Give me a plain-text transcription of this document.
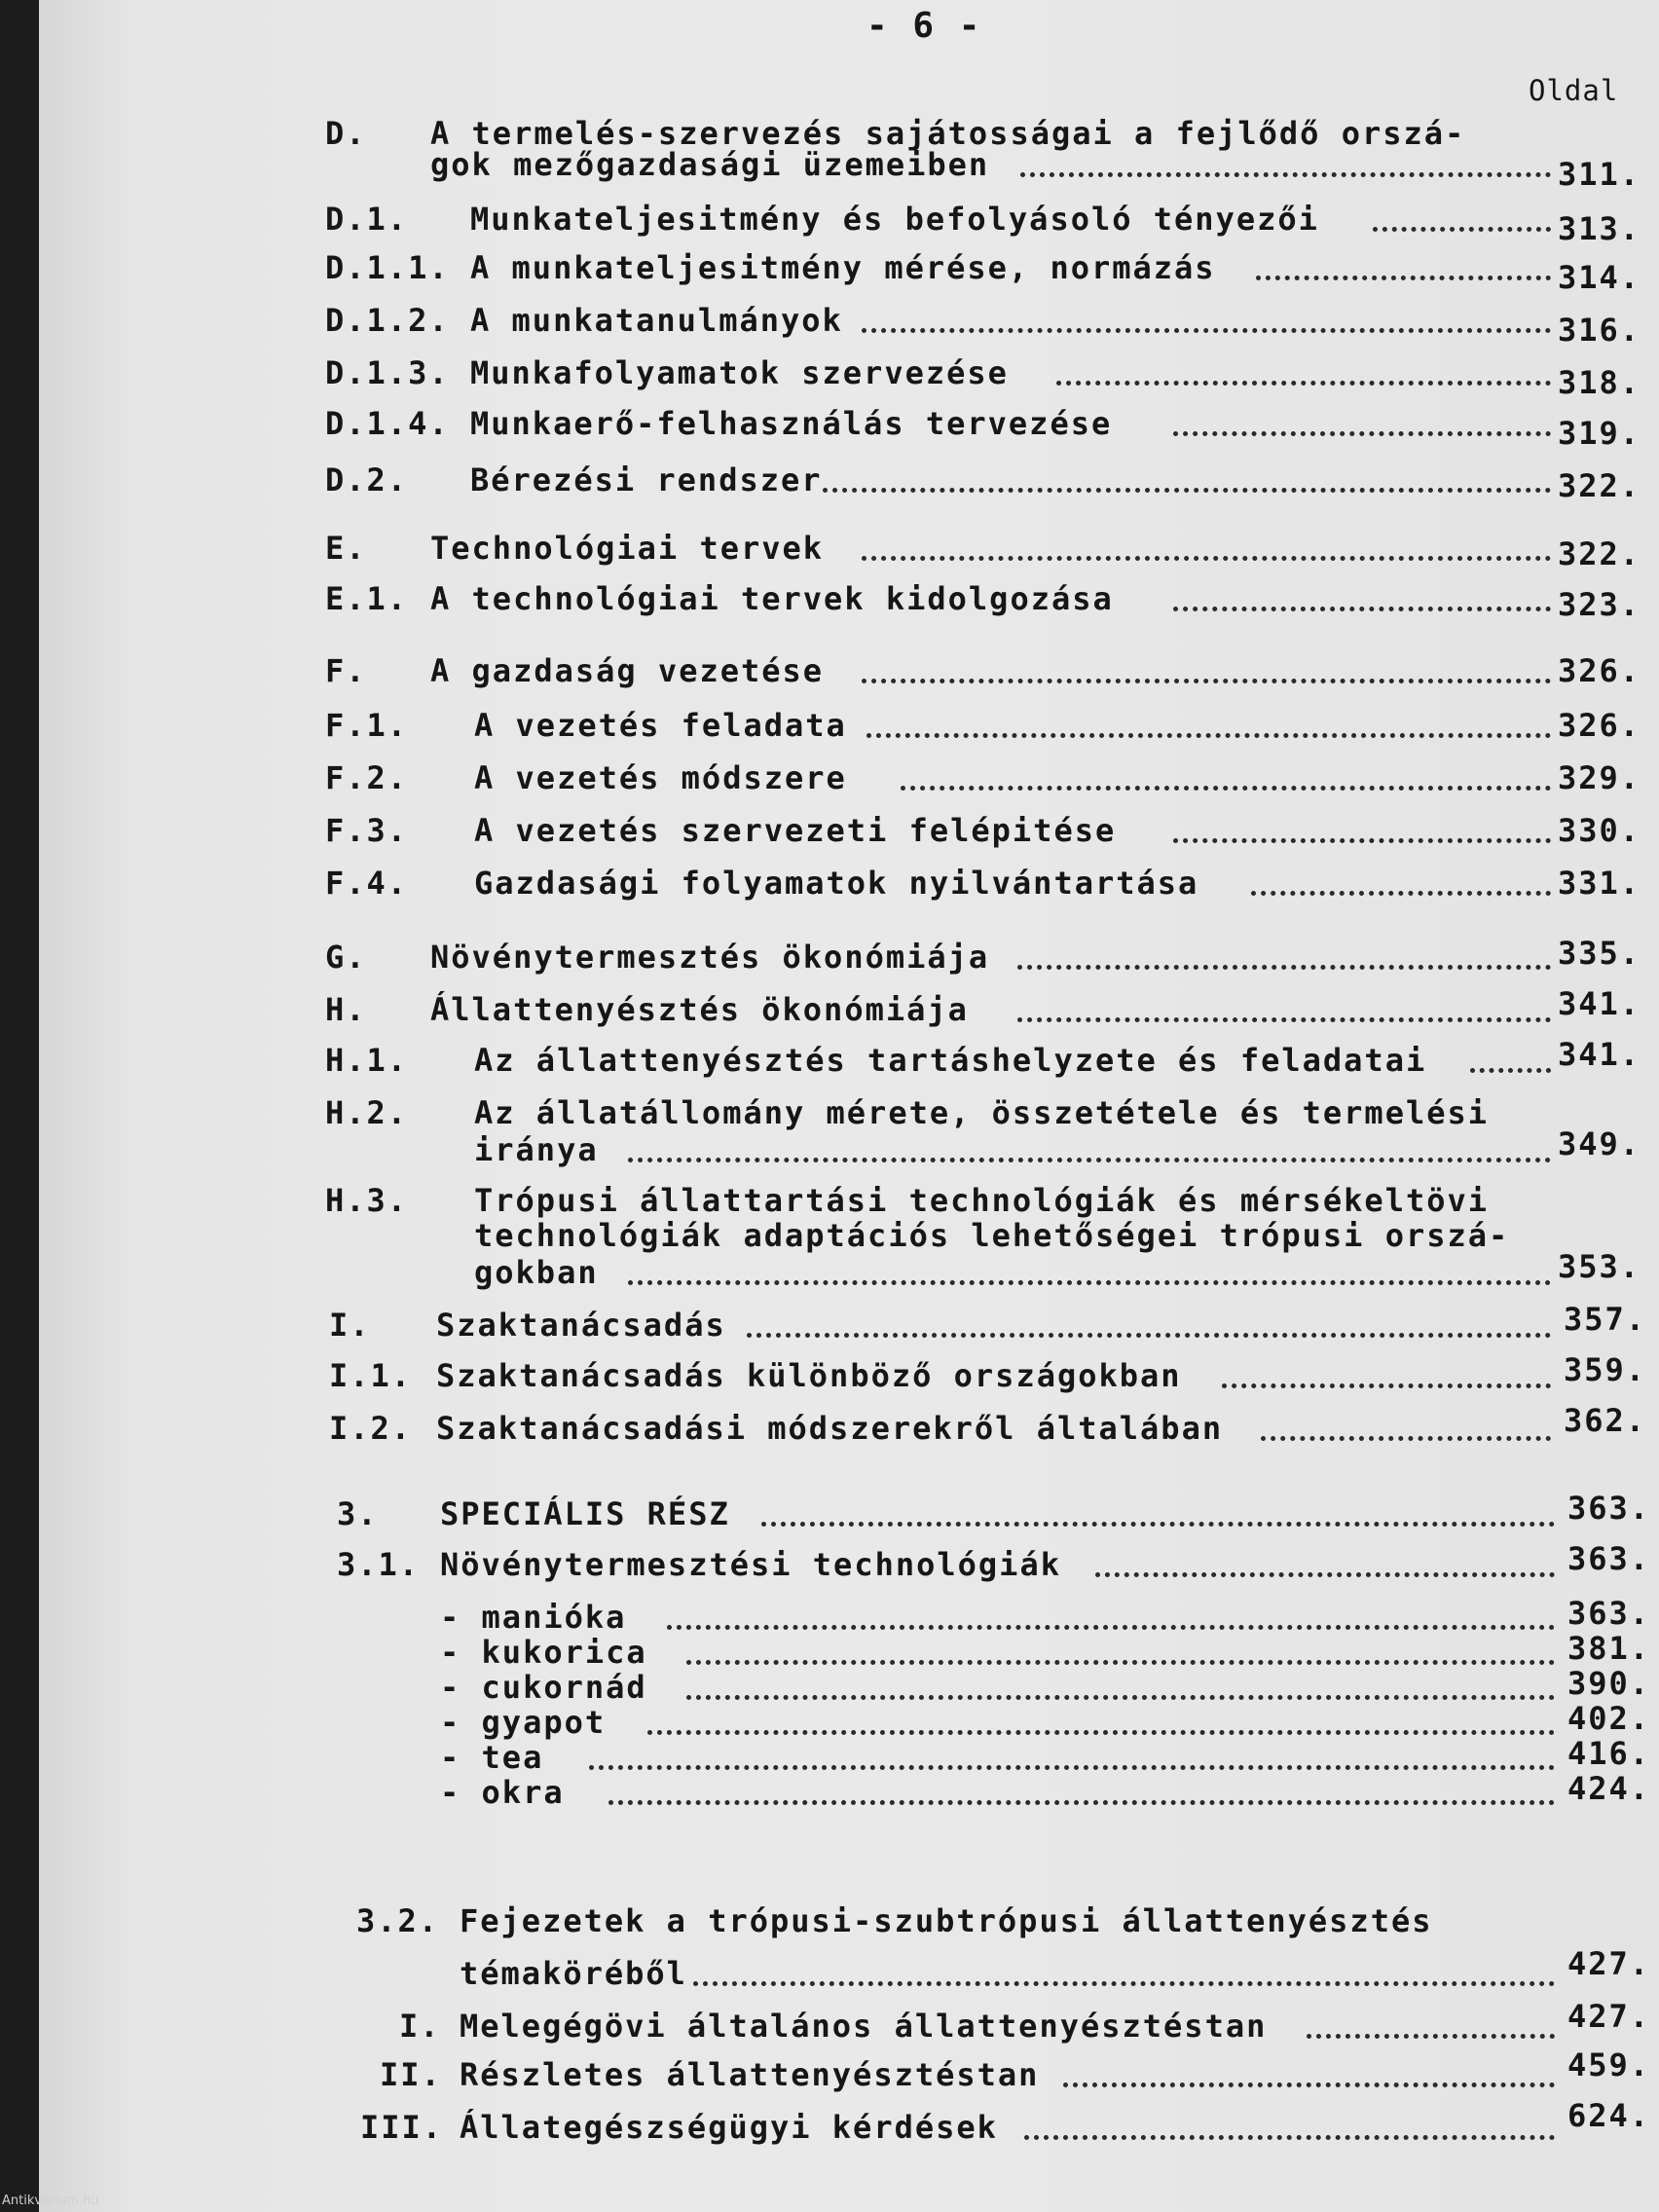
- 6 -
Oldal
D. A termelés-szervezés sajátosságai a fejlődő orszá-
gok mezőgazdasági üzemeiben	311.
D.1. Munkateljesitmény és befolyásoló tényezői	313.
D.1.1. A munkateljesitmény mérése, normázás	314.
D.1.2. A munkatanulmányok	316.
D.1.3. Munkafolyamatok szervezése	318.
D.1.4. Munkaerő-felhasználás tervezése	319.
D.2. Bérezési rendszer	322.
E. Technológiai tervek	322.
E.1. A technológiai tervek kidolgozása	323.
F. A gazdaság vezetése	326.
F.1. A vezetés feladata	326.
F.2. A vezetés módszere	329.
F.3. A vezetés szervezeti felépitése	330.
F.4. Gazdasági folyamatok nyilvántartása	331.
G. Növénytermesztés ökonómiája	335.
H. Állattenyésztés ökonómiája	341.
H.1. Az állattenyésztés tartáshelyzete és feladatai	341.
H.2. Az állatállomány mérete, összetétele és termelési
iránya	349.
H.3. Trópusi állattartási technológiák és mérsékeltövi
technológiák adaptációs lehetőségei trópusi orszá-
gokban	353.
I. Szaktanácsadás	357.
I.1. Szaktanácsadás különböző országokban	359.
I.2. Szaktanácsadási módszerekről általában	362.
3. SPECIÁLIS RÉSZ	363.
3.1. Növénytermesztési technológiák	363.
- manióka	363.
- kukorica	381.
- cukornád	390.
- gyapot	402.
- tea	416.
- okra	424.
3.2. Fejezetek a trópusi-szubtrópusi állattenyésztés
témaköréből	427.
I. Melegégövi általános állattenyésztéstan	427.
II. Részletes állattenyésztéstan	459.
III. Állategészségügyi kérdések	624.
Antikvarium.hu
